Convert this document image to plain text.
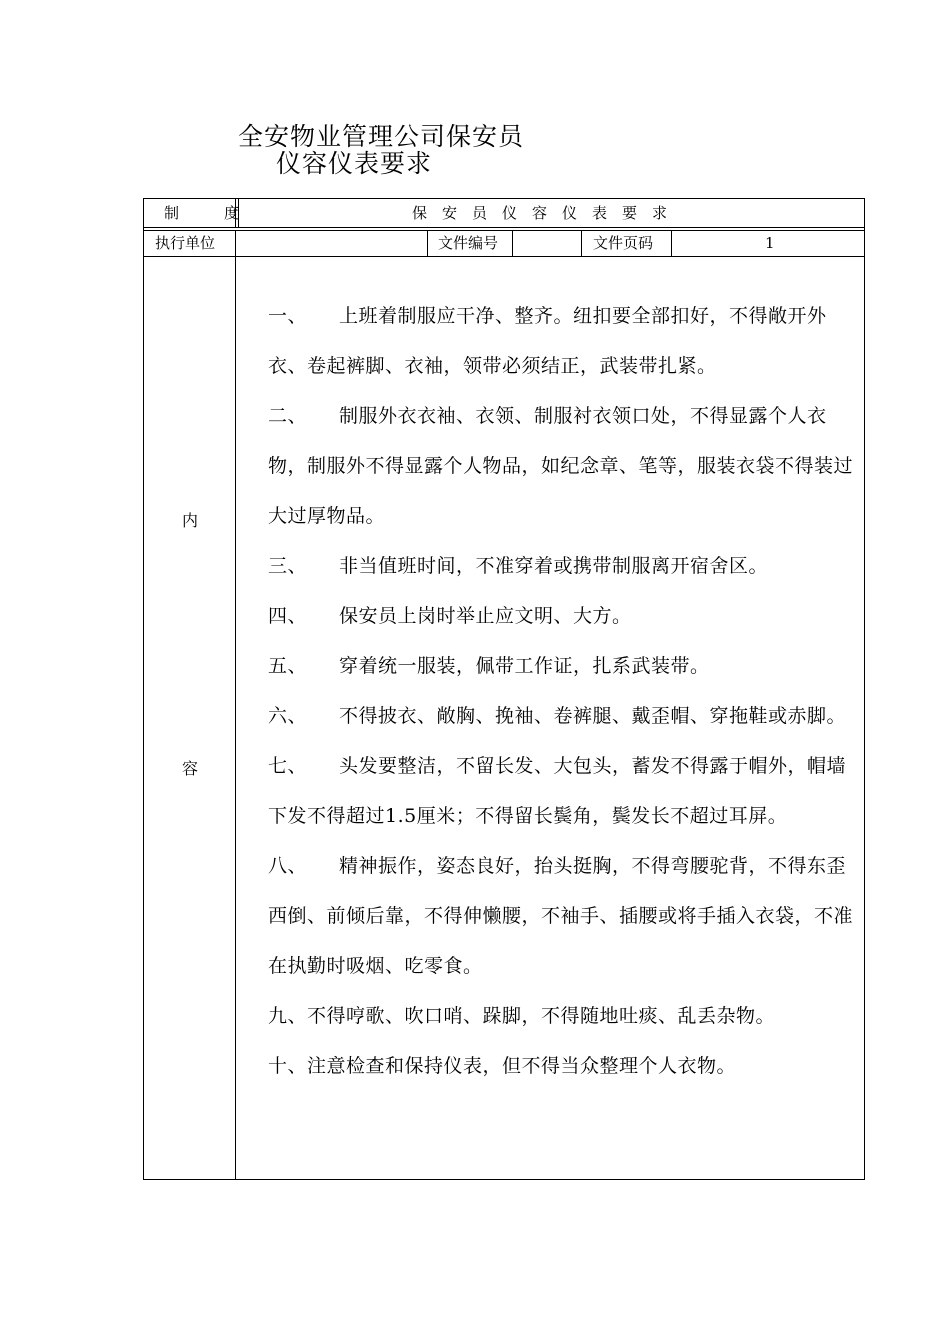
全安物业管理公司保安员
仪容仪表要求
制　度	保安员仪容仪表要求
执行单位	文件编号	文件页码	1
内
容

一、 上班着制服应干净、整齐。纽扣要全部扣好，不得敞开外衣、卷起裤脚、衣袖，领带必须结正，武装带扎紧。

二、 制服外衣衣袖、衣领、制服衬衣领口处，不得显露个人衣物，制服外不得显露个人物品，如纪念章、笔等，服装衣袋不得装过大过厚物品。

三、 非当值班时间，不准穿着或携带制服离开宿舍区。

四、 保安员上岗时举止应文明、大方。

五、 穿着统一服装，佩带工作证，扎系武装带。

六、 不得披衣、敞胸、挽袖、卷裤腿、戴歪帽、穿拖鞋或赤脚。

七、 头发要整洁，不留长发、大包头，蓄发不得露于帽外，帽墙下发不得超过1.5厘米；不得留长鬓角，鬓发长不超过耳屏。

八、 精神振作，姿态良好，抬头挺胸，不得弯腰驼背，不得东歪西倒、前倾后靠，不得伸懒腰，不袖手、插腰或将手插入衣袋，不准在执勤时吸烟、吃零食。

九、不得哼歌、吹口哨、跺脚，不得随地吐痰、乱丢杂物。

十、注意检查和保持仪表，但不得当众整理个人衣物。
